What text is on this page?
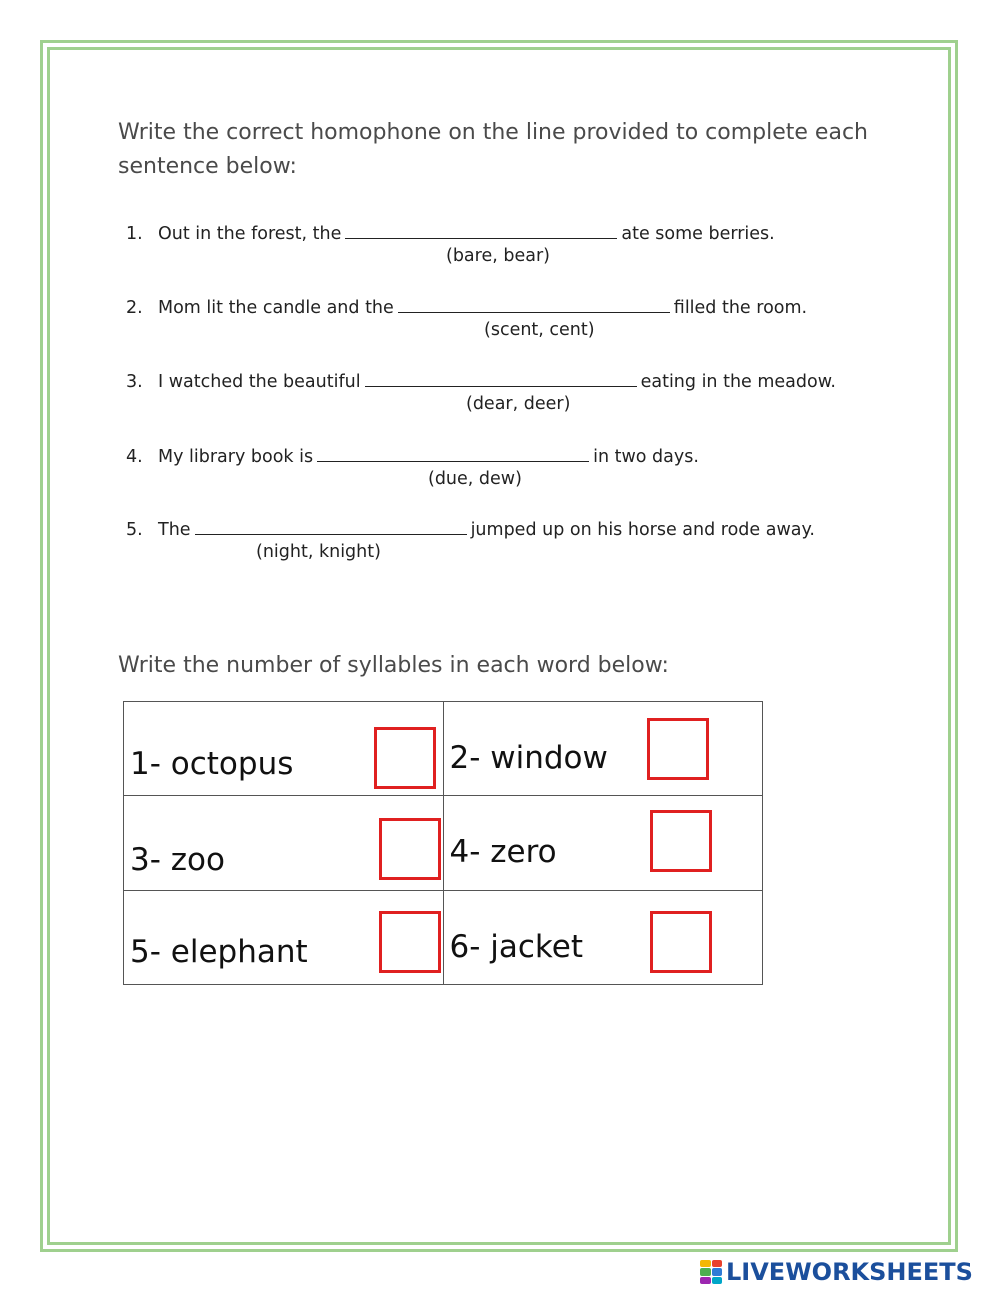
Write the correct homophone on the line provided to complete each sentence below:

1. Out in the forest, the	ate some berries.
(bare, bear)
2. Mom lit the candle and the	filled the room.
(scent, cent)
3. I watched the beautiful	eating in the meadow.
(dear, deer)
4. My library book is	in two days.
(due, dew)
5. The	jumped up on his horse and rode away.
(night, knight)

Write the number of syllables in each word below:

1- octopus	2- window

3- zoo	4- zero

5- elephant	6- jacket
LIVEWORKSHEETS
